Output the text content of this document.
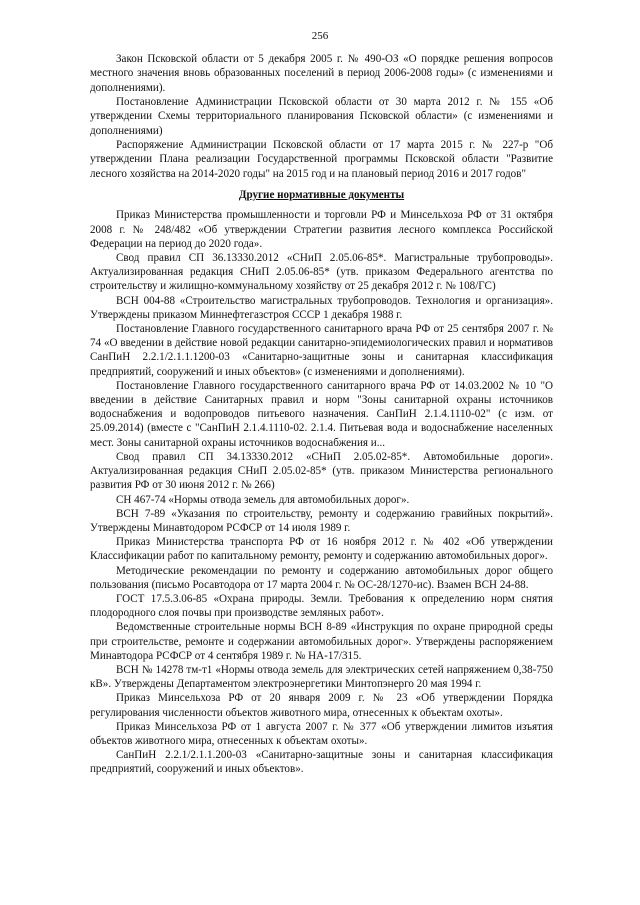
256

Закон Псковской области от 5 декабря 2005 г. № 490-ОЗ «О порядке решения вопросов местного значения вновь образованных поселений в период 2006-2008 годы» (с изменениями и дополнениями).

Постановление Администрации Псковской области от 30 марта 2012 г. № 155 «Об утверждении Схемы территориального планирования Псковской области» (с изменениями и дополнениями)

Распоряжение Администрации Псковской области от 17 марта 2015 г. № 227-р "Об утверждении Плана реализации Государственной программы Псковской области "Развитие лесного хозяйства на 2014-2020 годы" на 2015 год и на плановый период 2016 и 2017 годов"

Другие нормативные документы

Приказ Министерства промышленности и торговли РФ и Минсельхоза РФ от 31 октября 2008 г. № 248/482 «Об утверждении Стратегии развития лесного комплекса Российской Федерации на период до 2020 года».

Свод правил СП 36.13330.2012 «СНиП 2.05.06-85*. Магистральные трубопроводы». Актуализированная редакция СНиП 2.05.06-85* (утв. приказом Федерального агентства по строительству и жилищно-коммунальному хозяйству от 25 декабря 2012 г. № 108/ГС)

ВСН 004-88 «Строительство магистральных трубопроводов. Технология и организация». Утверждены приказом Миннефтегазстроя СССР 1 декабря 1988 г.

Постановление Главного государственного санитарного врача РФ от 25 сентября 2007 г. № 74 «О введении в действие новой редакции санитарно-эпидемиологических правил и нормативов СанПиН 2.2.1/2.1.1.1200-03 «Санитарно-защитные зоны и санитарная классификация предприятий, сооружений и иных объектов» (с изменениями и дополнениями).

Постановление Главного государственного санитарного врача РФ от 14.03.2002 № 10 "О введении в действие Санитарных правил и норм "Зоны санитарной охраны источников водоснабжения и водопроводов питьевого назначения. СанПиН 2.1.4.1110-02" (с изм. от 25.09.2014) (вместе с "СанПиН 2.1.4.1110-02. 2.1.4. Питьевая вода и водоснабжение населенных мест. Зоны санитарной охраны источников водоснабжения и...

Свод правил СП 34.13330.2012 «СНиП 2.05.02-85*. Автомобильные дороги». Актуализированная редакция СНиП 2.05.02-85* (утв. приказом Министерства регионального развития РФ от 30 июня 2012 г. № 266)

СН 467-74 «Нормы отвода земель для автомобильных дорог».

ВСН 7-89 «Указания по строительству, ремонту и содержанию гравийных покрытий». Утверждены Минавтодором РСФСР от 14 июля 1989 г.

Приказ Министерства транспорта РФ от 16 ноября 2012 г. № 402 «Об утверждении Классификации работ по капитальному ремонту, ремонту и содержанию автомобильных дорог».

Методические рекомендации по ремонту и содержанию автомобильных дорог общего пользования (письмо Росавтодора от 17 марта 2004 г. № ОС-28/1270-ис). Взамен ВСН 24-88.

ГОСТ 17.5.3.06-85 «Охрана природы. Земли. Требования к определению норм снятия плодородного слоя почвы при производстве земляных работ».

Ведомственные строительные нормы ВСН 8-89 «Инструкция по охране природной среды при строительстве, ремонте и содержании автомобильных дорог». Утверждены распоряжением Минавтодора РСФСР от 4 сентября 1989 г. № НА-17/315.

ВСН № 14278 тм-т1 «Нормы отвода земель для электрических сетей напряжением 0,38-750 кВ». Утверждены Департаментом электроэнергетики Минтопэнерго 20 мая 1994 г.

Приказ Минсельхоза РФ от 20 января 2009 г. № 23 «Об утверждении Порядка регулирования численности объектов животного мира, отнесенных к объектам охоты».

Приказ Минсельхоза РФ от 1 августа 2007 г. № 377 «Об утверждении лимитов изъятия объектов животного мира, отнесенных к объектам охоты».

СанПиН 2.2.1/2.1.1.200-03 «Санитарно-защитные зоны и санитарная классификация предприятий, сооружений и иных объектов».
